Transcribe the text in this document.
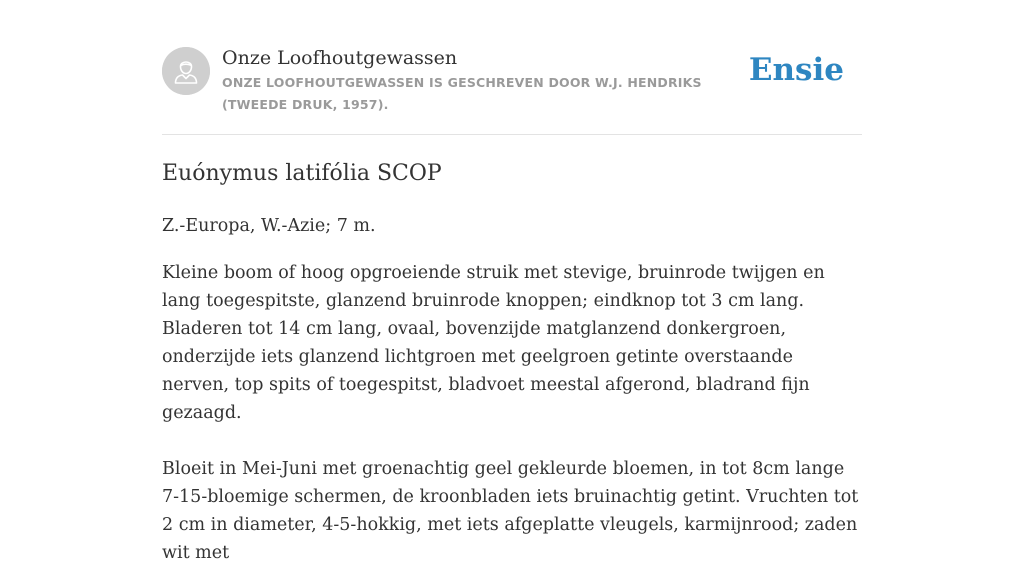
Onze Loofhoutgewassen
ONZE LOOFHOUTGEWASSEN IS GESCHREVEN DOOR W.J. HENDRIKS (TWEEDE DRUK, 1957).
Ensie
Euónymus latifólia SCOP

Z.-Europa, W.-Azie; 7 m.

Kleine boom of hoog opgroeiende struik met stevige, bruinrode twijgen en lang toegespitste, glanzend bruinrode knoppen; eindknop tot 3 cm lang. Bladeren tot 14 cm lang, ovaal, bovenzijde matglanzend donkergroen, onderzijde iets glanzend lichtgroen met geelgroen getinte overstaande nerven, top spits of toegespitst, bladvoet meestal afgerond, bladrand fijn gezaagd.

Bloeit in Mei-Juni met groenachtig geel gekleurde bloemen, in tot 8cm lange 7-15-bloemige schermen, de kroonbladen iets bruinachtig getint. Vruchten tot 2 cm in diameter, 4-5-hokkig, met iets afgeplatte vleugels, karmijnrood; zaden wit met
